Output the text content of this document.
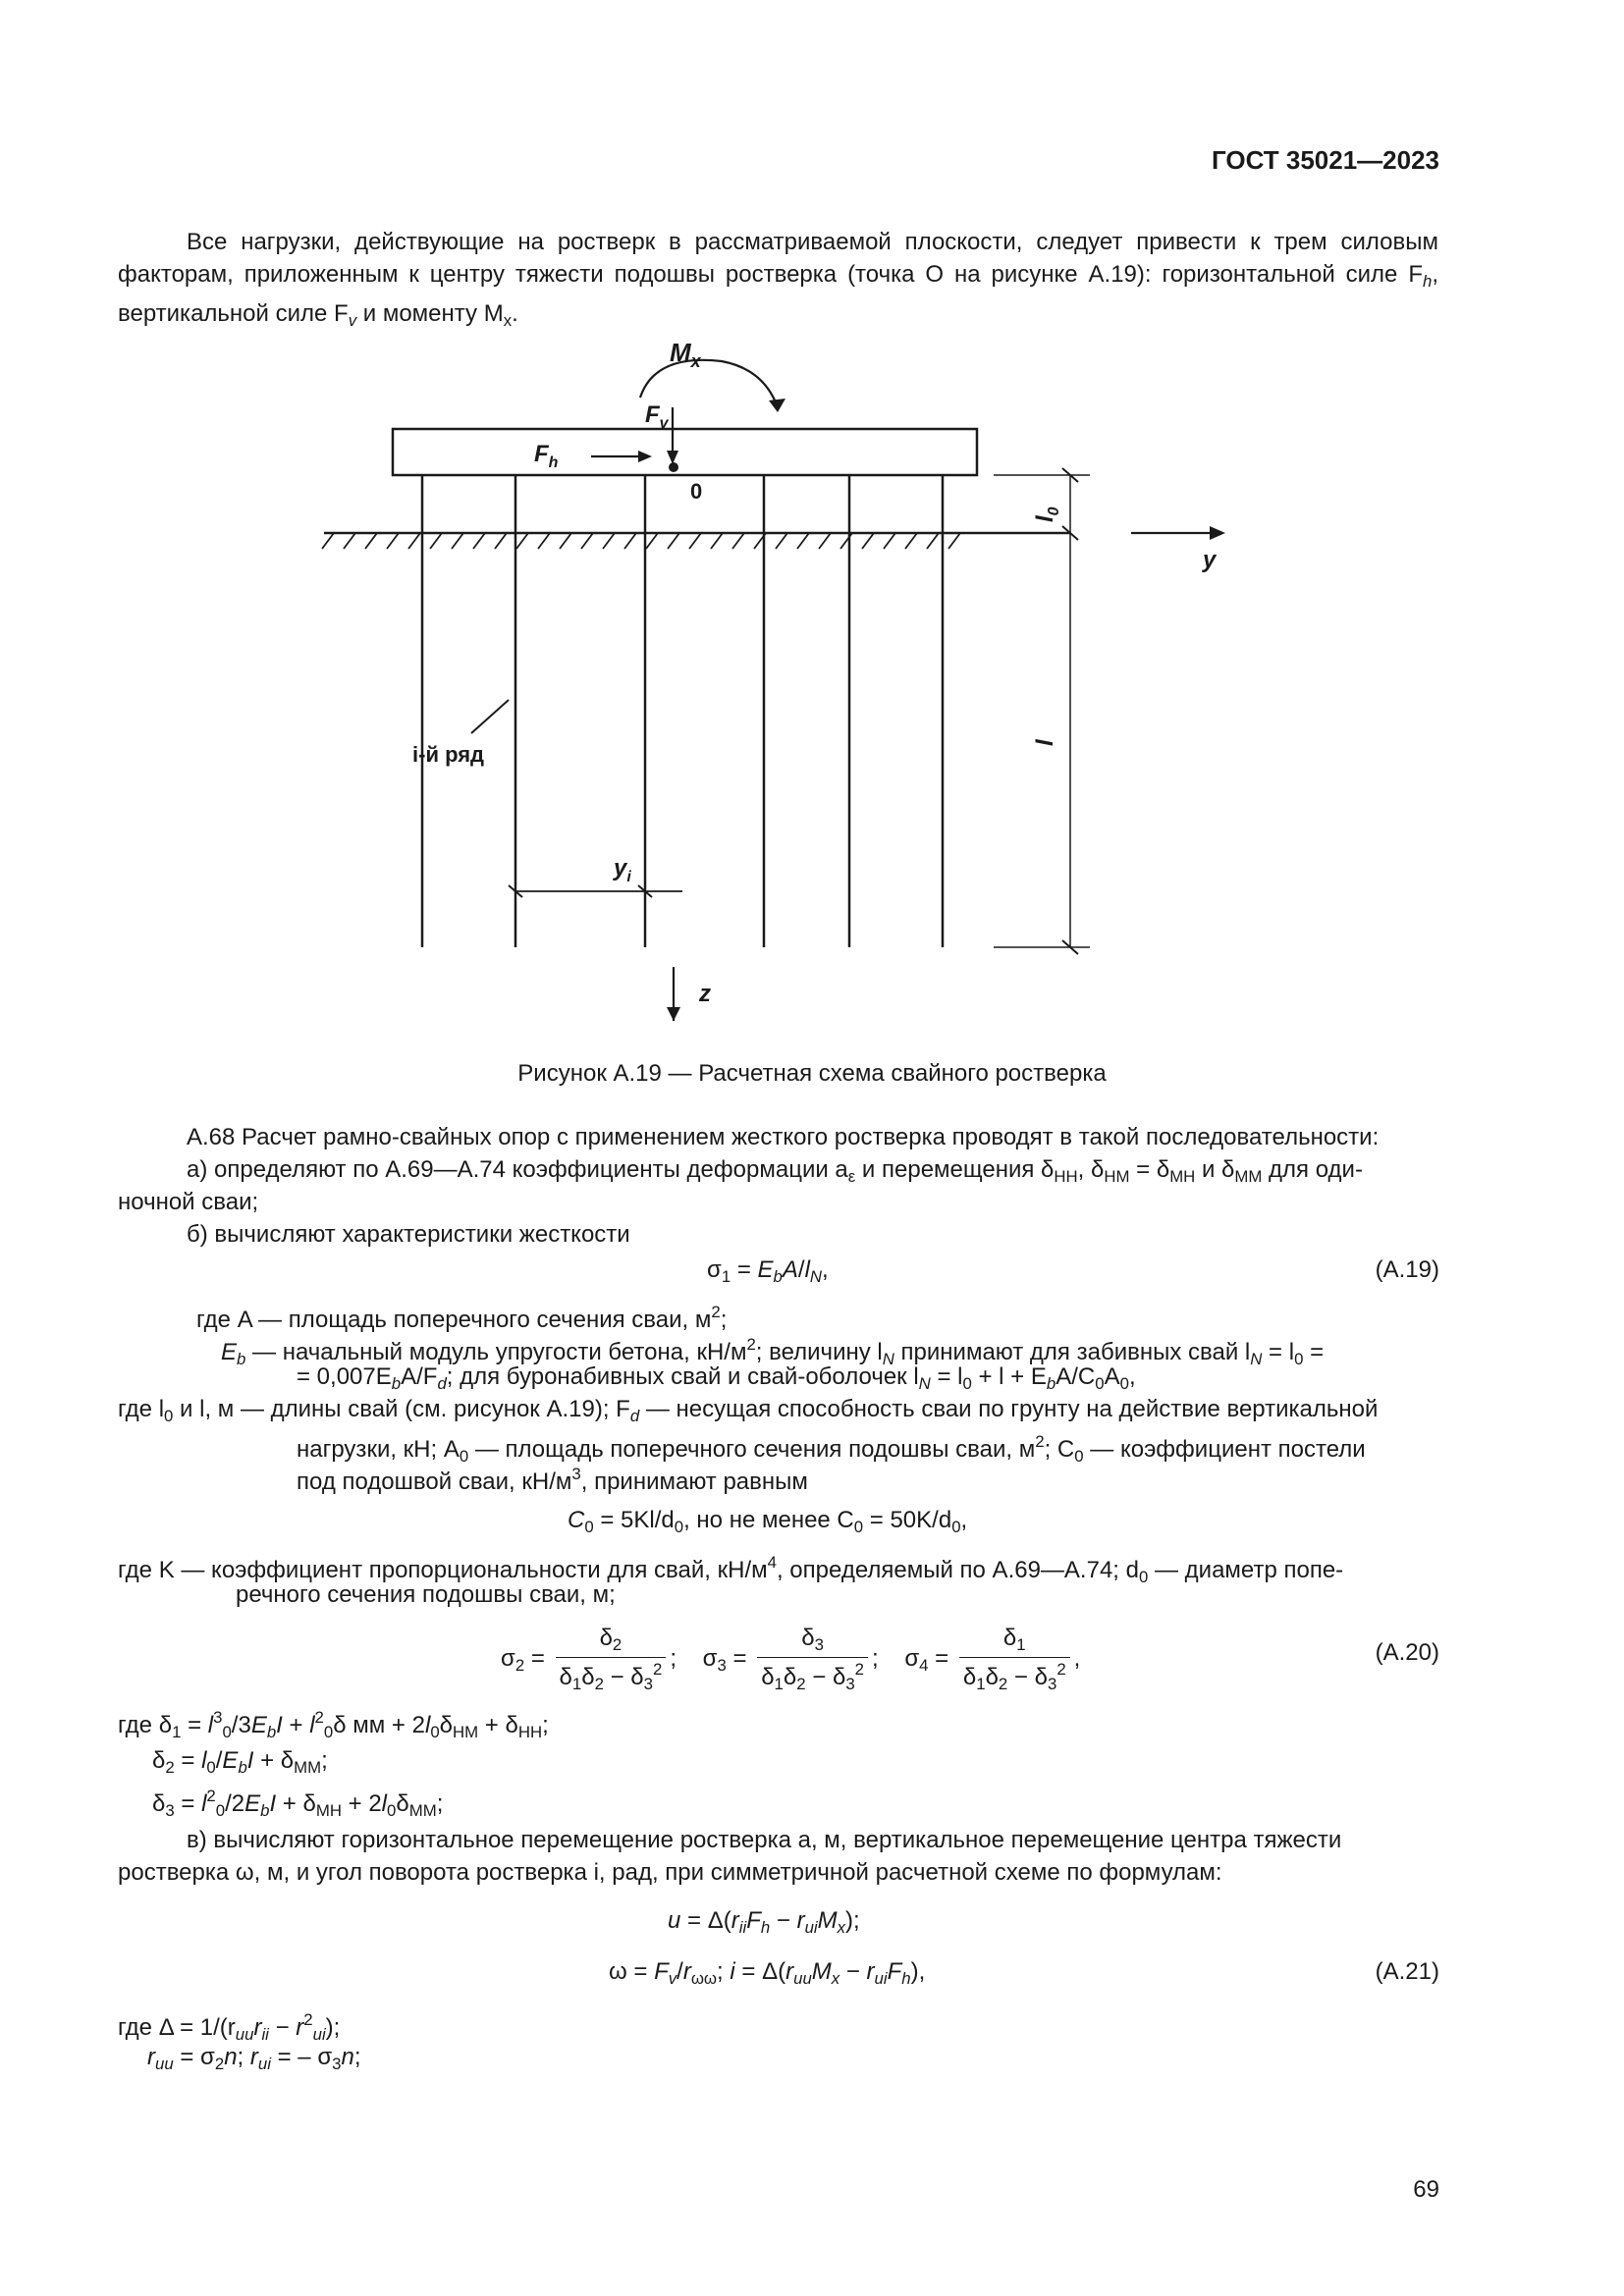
ГОСТ 35021—2023
Все нагрузки, действующие на ростверк в рассматриваемой плоскости, следует привести к трем силовым факторам, приложенным к центру тяжести подошвы ростверка (точка О на рисунке А.19): горизонтальной силе $F_h$, вертикальной силе $F_v$ и моменту $M_x$.
$M_x$
$F_v$
0
$F_h$
$l_0$
l
y
z
i-й ряд
$y_i$
Рисунок А.19 — Расчетная схема свайного ростверка
А.68 Расчет рамно-свайных опор с применением жесткого ростверка проводят в такой последовательности:
а) определяют по А.69—А.74 коэффициенты деформации $a_\varepsilon$ и перемещения $\delta_{HH}$, $\delta_{HM} = \delta_{MH}$ и $\delta_{MM}$ для оди-
ночной сваи;
б) вычисляют характеристики жесткости
$\sigma_1 = E_bA/l_N$,	(А.19)
где A — площадь поперечного сечения сваи, $м^2$;
$E_b$ — начальный модуль упругости бетона, $кН/м^2$; величину $l_N$ принимают для забивных свай $l_N = l_0$ =
= $0,007E_bA/F_d$; для буронабивных свай и свай-оболочек $l_N = l_0 + l + E_bA/C_0A_0$,
где $l_0$ и l, м — длины свай (см. рисунок А.19); $F_d$ — несущая способность сваи по грунту на действие вертикальной
нагрузки, кН; $A_0$ — площадь поперечного сечения подошвы сваи, $м^2$; $C_0$ — коэффициент постели
под подошвой сваи, $кН/м^3$, принимают равным
$C_0 = 5Kl/d_0$, но не менее $C_0 = 50K/d_0$,
где K — коэффициент пропорциональности для свай, $кН/м^4$, определяемый по А.69—А.74; $d_0$ — диаметр попе-
речного сечения подошвы сваи, м;
$\sigma_2 = \frac{\delta_2}{\delta_1\delta_2 - \delta_3^2}$ ;    $\sigma_3 = \frac{\delta_3}{\delta_1\delta_2 - \delta_3^2}$ ;    $\sigma_4 = \frac{\delta_1}{\delta_1\delta_2 - \delta_3^2}$ ,	(А.20)
где $\delta_1 = l^3_0/3E_bI + l^2_0\delta$ мм + $2l_0\delta_{HM} + \delta_{HH}$;
$\delta_2 = l_0/E_bI + \delta_{MM}$;
$\delta_3 = l^2_0/2E_bI + \delta_{MH} + 2l_0\delta_{MM}$;
в) вычисляют горизонтальное перемещение ростверка a, м, вертикальное перемещение центра тяжести
ростверка ω, м, и угол поворота ростверка i, рад, при симметричной расчетной схеме по формулам:
$u = \Delta(r_{ii}F_h - r_{ui}M_x)$;
$\omega = F_v/r_{\omega\omega}$; $i = \Delta(r_{uu}M_x - r_{ui}F_h)$,	(А.21)
где $\Delta = 1/(r_{uu}r_{ii} - r^2_{ui})$;
$r_{uu} = \sigma_2n$; $r_{ui}$ = – $\sigma_3n$;
69
